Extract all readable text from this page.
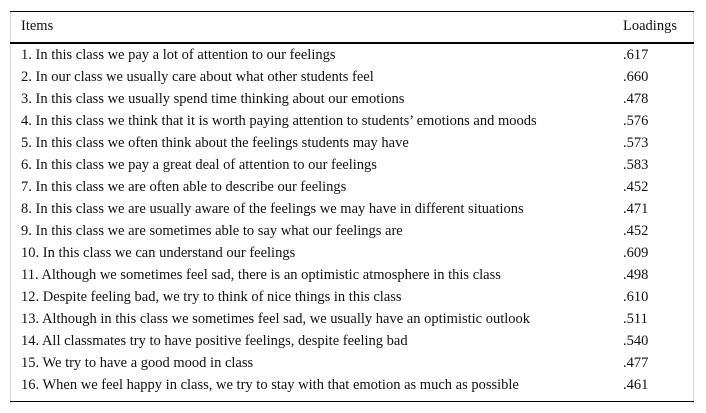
Items	Loadings
1. In this class we pay a lot of attention to our feelings	.617
2. In our class we usually care about what other students feel	.660
3. In this class we usually spend time thinking about our emotions	.478
4. In this class we think that it is worth paying attention to students’ emotions and moods	.576
5. In this class we often think about the feelings students may have	.573
6. In this class we pay a great deal of attention to our feelings	.583
7. In this class we are often able to describe our feelings	.452
8. In this class we are usually aware of the feelings we may have in different situations	.471
9. In this class we are sometimes able to say what our feelings are	.452
10. In this class we can understand our feelings	.609
11. Although we sometimes feel sad, there is an optimistic atmosphere in this class	.498
12. Despite feeling bad, we try to think of nice things in this class	.610
13. Although in this class we sometimes feel sad, we usually have an optimistic outlook	.511
14. All classmates try to have positive feelings, despite feeling bad	.540
15. We try to have a good mood in class	.477
16. When we feel happy in class, we try to stay with that emotion as much as possible	.461
